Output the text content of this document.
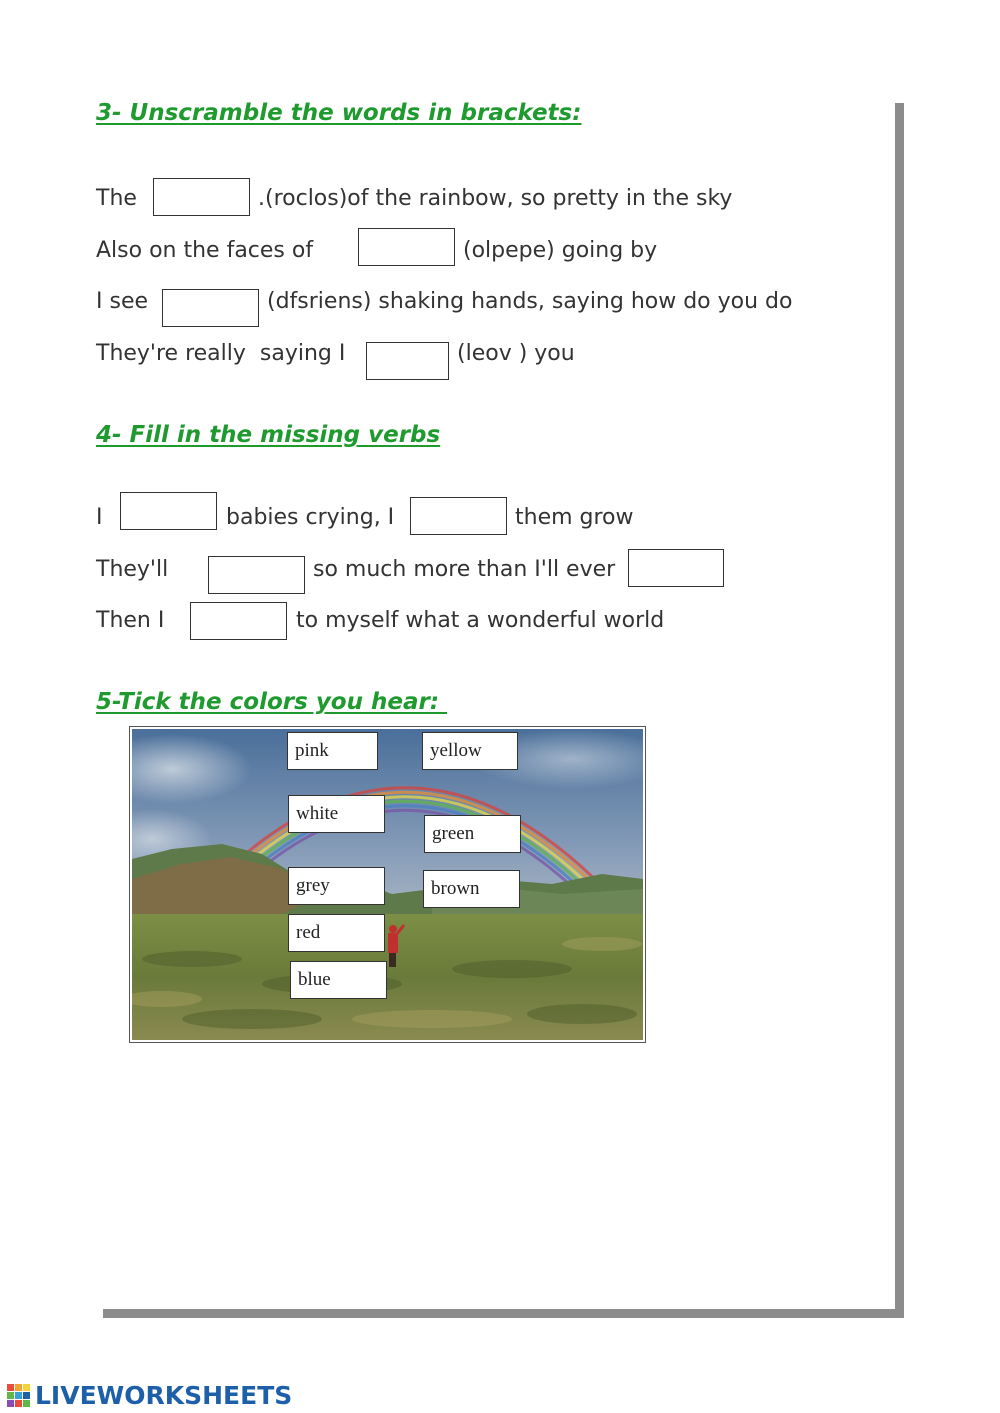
3- Unscramble the words in brackets:
The	.(roclos)of the rainbow, so pretty in the sky
Also on the faces of	(olpepe) going by
I see	(dfsriens) shaking hands, saying how do you do
They're really  saying I	(leov ) you
4- Fill in the missing verbs
I	babies crying, I	them grow
They'll	so much more than I'll ever
Then I	to myself what a wonderful world
5-Tick the colors you hear:
pink	yellow
white
green
grey	brown
red
blue
LIVEWORKSHEETS
